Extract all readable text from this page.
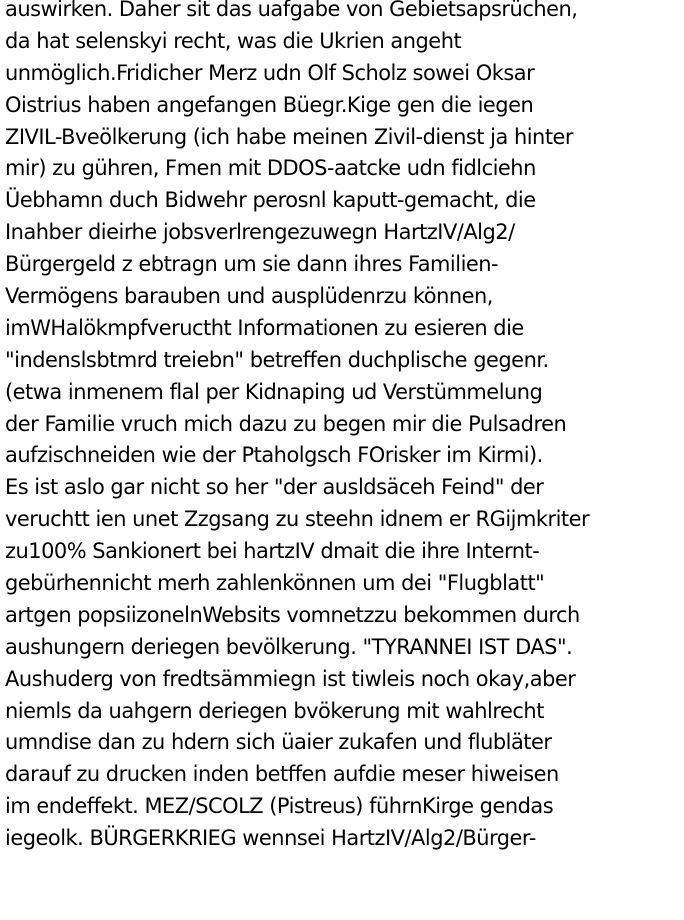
auswirken. Daher sit das uafgabe von Gebietsapsrüchen,
da hat selenskyi recht, was die Ukrien angeht
unmöglich.Fridicher Merz udn Olf Scholz sowei Oksar
Oistrius haben angefangen Büegr.Kige gen die iegen
ZIVIL-Bveölkerung (ich habe meinen Zivil-dienst ja hinter
mir) zu gühren, Fmen mit DDOS-aatcke udn fidlciehn
Üebhamn duch Bidwehr perosnl kaputt-gemacht, die
Inahber dieirhe jobsverlrengezuwegn HartzIV/Alg2/
Bürgergeld z ebtragn um sie dann ihres Familien-
Vermögens barauben und ausplüdenrzu können,
imWHalökmpfveructht Informationen zu esieren die
"indenslsbtmrd treiebn" betreffen duchplische gegenr.
(etwa inmenem flal per Kidnaping ud Verstümmelung
der Familie vruch mich dazu zu begen mir die Pulsadren
aufzischneiden wie der Ptaholgsch FOrisker im Kirmi).
Es ist aslo gar nicht so her "der ausldsäceh Feind" der
veruchtt ien unet Zzgsang zu steehn idnem er RGijmkriter
zu100% Sankionert bei hartzIV dmait die ihre Internt-
gebürhennicht merh zahlenkönnen um dei "Flugblatt"
artgen popsiizonelnWebsits vomnetzzu bekommen durch
aushungern deriegen bevölkerung. "TYRANNEI IST DAS".
Aushuderg von fredtsämmiegn ist tiwleis noch okay,aber
niemls da uahgern deriegen bvökerung mit wahlrecht
umndise dan zu hdern sich üaier zukafen und flubläter
darauf zu drucken inden betffen aufdie meser hiweisen
im endeffekt. MEZ/SCOLZ (Pistreus) führnKirge gendas
iegeolk. BÜRGERKRIEG wennsei HartzIV/Alg2/Bürger-
